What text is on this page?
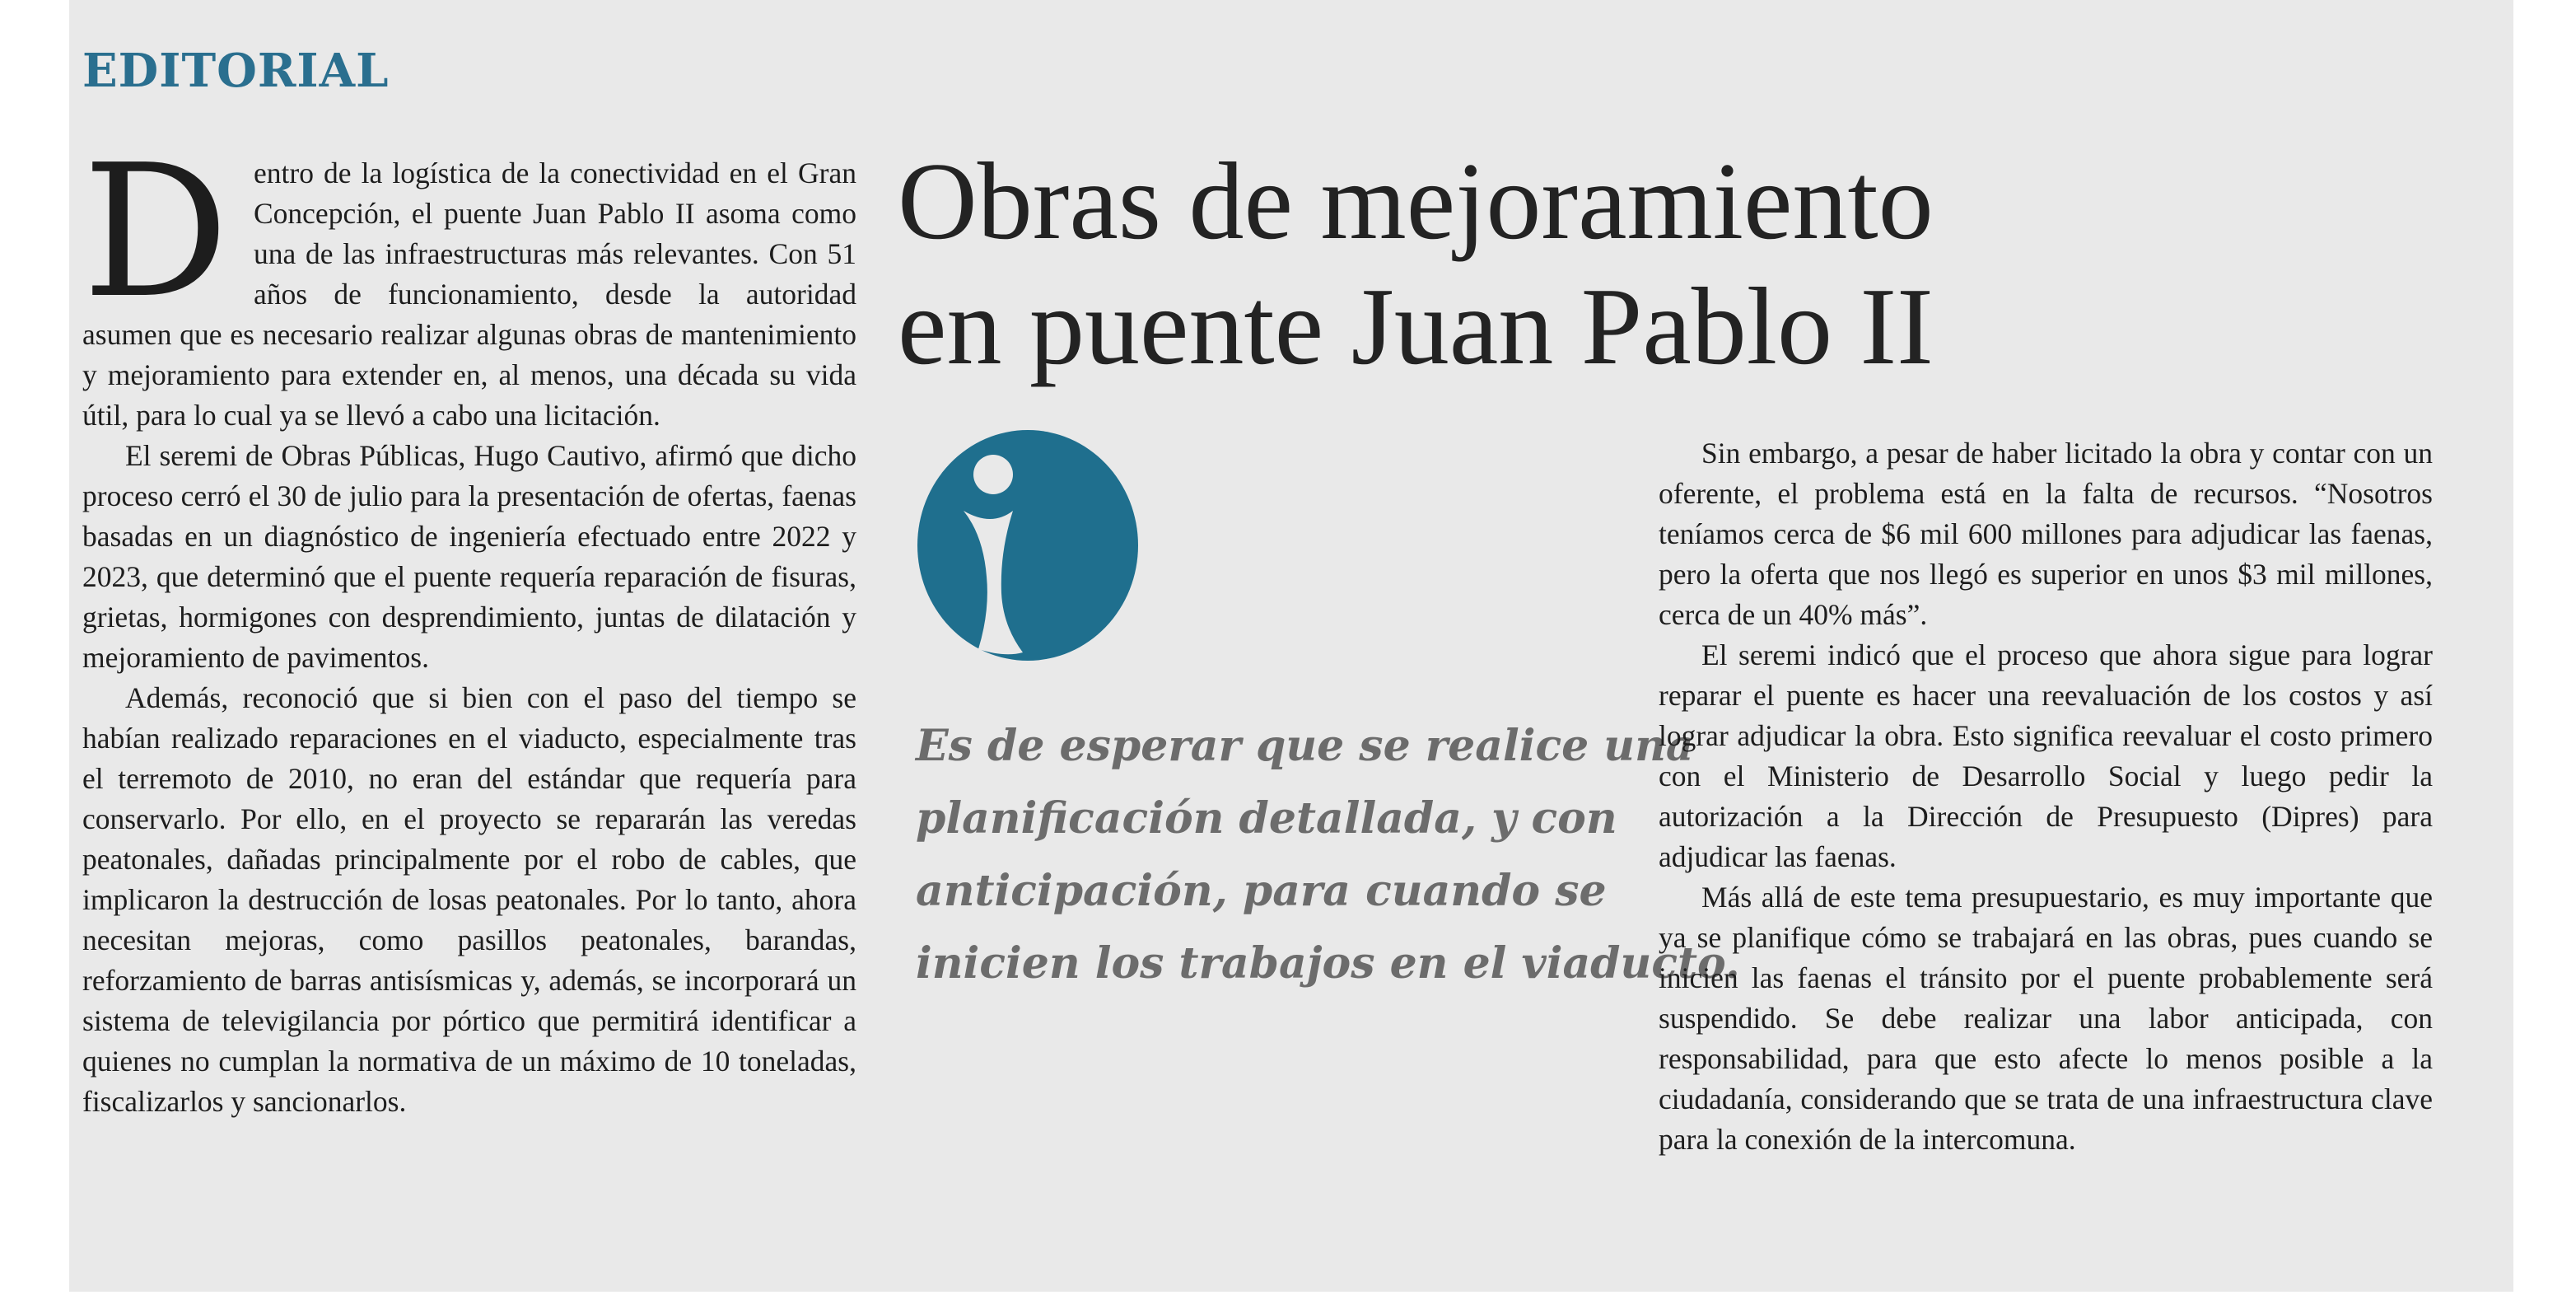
EDITORIAL
D entro de la logística de la conectividad en el Gran Concepción, el puente Juan Pablo II asoma como una de las infraestructuras más relevantes. Con 51 años de funcionamiento, desde la autoridad asumen que es necesario realizar algunas obras de mantenimiento y mejoramiento para extender en, al menos, una década su vida útil, para lo cual ya se llevó a cabo una licitación.

El seremi de Obras Públicas, Hugo Cautivo, afirmó que dicho proceso cerró el 30 de julio para la presentación de ofertas, faenas basadas en un diagnóstico de ingeniería efectuado entre 2022 y 2023, que determinó que el puente requería reparación de fisuras, grietas, hormigones con desprendimiento, juntas de dilatación y mejoramiento de pavimentos.

Además, reconoció que si bien con el paso del tiempo se habían realizado reparaciones en el viaducto, especialmente tras el terremoto de 2010, no eran del estándar que requería para conservarlo. Por ello, en el proyecto se repararán las veredas peatonales, dañadas principalmente por el robo de cables, que implicaron la destrucción de losas peatonales. Por lo tanto, ahora necesitan mejoras, como pasillos peatonales, barandas, reforzamiento de barras antisísmicas y, además, se incorporará un sistema de televigilancia por pórtico que permitirá identificar a quienes no cumplan la normativa de un máximo de 10 toneladas, fiscalizarlos y sancionarlos.

Obras de mejoramiento
en puente Juan Pablo II
Es de esperar que se realice una
planificación detallada, y con
anticipación, para cuando se
inicien los trabajos en el viaducto.

Sin embargo, a pesar de haber licitado la obra y contar con un oferente, el problema está en la falta de recursos. “Nosotros teníamos cerca de $6 mil 600 millones para adjudicar las faenas, pero la oferta que nos llegó es superior en unos $3 mil millones, cerca de un 40% más”.

El seremi indicó que el proceso que ahora sigue para lograr reparar el puente es hacer una reevaluación de los costos y así lograr adjudicar la obra. Esto significa reevaluar el costo primero con el Ministerio de Desarrollo Social y luego pedir la autorización a la Dirección de Presupuesto (Dipres) para adjudicar las faenas.

Más allá de este tema presupuestario, es muy importante que ya se planifique cómo se trabajará en las obras, pues cuando se inicien las faenas el tránsito por el puente probablemente será suspendido. Se debe realizar una labor anticipada, con responsabilidad, para que esto afecte lo menos posible a la ciudadanía, considerando que se trata de una infraestructura clave para la conexión de la intercomuna.
